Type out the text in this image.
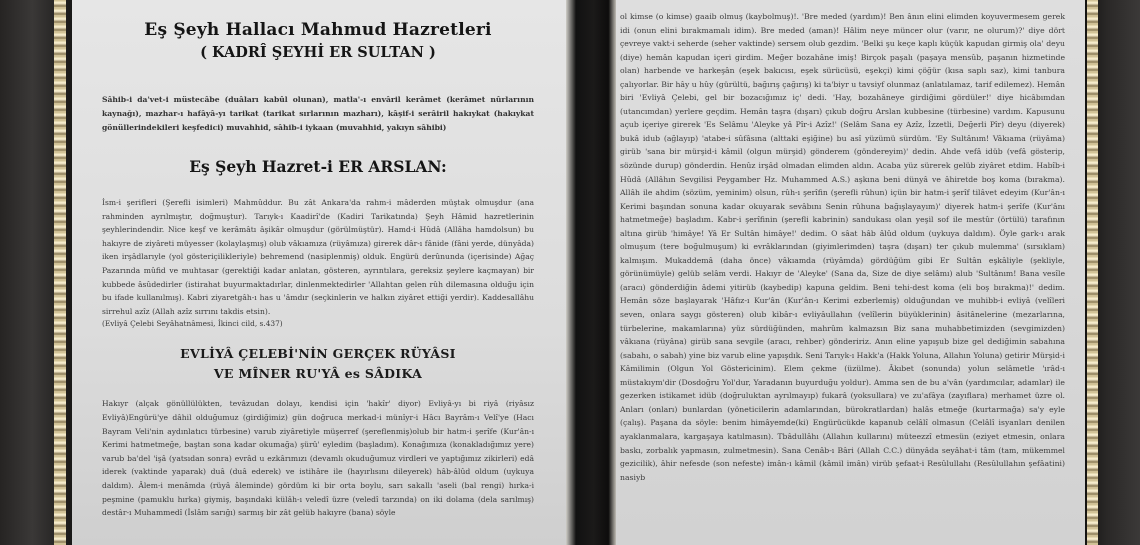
Eş Şeyh Hallacı Mahmud Hazretleri
( KADRÎ ŞEYHİ ER SULTAN )
Sâhib-i da'vet-i müstecâbe (duâları kabûl olunan), matla'-ı envâril kerâmet (kerâmet nûrlarının kaynağı), mazhar-ı hafâyâ-yı tarikat (tarikat sırlarının mazharı), kâşif-i serâiril hakıykat (hakıykat gönüllerindekileri keşfedici) muvahhid, sâhib-i iykaan (muvahhid, yakıyn sâhibi)
Eş Şeyh Hazret-i ER ARSLAN:
İsm-i şerifleri (Şerefli isimleri) Mahmûddur. Bu zât Ankara'da rahm-i mâderden müştak olmuşdur (ana rahminden ayrılmıştır, doğmuştur). Tarıyk-ı Kaadirî'de (Kadiri Tarikatında) Şeyh Hâmid hazretlerinin şeyhlerindendir. Nice keşf ve kerâmâtı âşikâr olmuşdur (görülmüştür). Hamd-i Hûdâ (Allâha hamdolsun) bu hakıyre de ziyâreti müyesser (kolaylaşmış) olub vâkıamıza (rüyâmıza) girerek dâr-ı fânide (fâni yerde, dünyâda) iken irşâdlarıyle (yol gösteriçilikleriyle) behremend (nasiplenmiş) olduk. Engürü derûnunda (içerisinde) Ağaç Pazarında mûfid ve muhtasar (gerektiği kadar anlatan, gösteren, ayrıntılara, gereksiz şeylere kaçmayan) bir kubbede âsûdedirler (istirahat buyurmaktadırlar, dinlenmektedirler 'Allahtan gelen rûh dilemasına olduğu için bu ifade kullanılmış). Kabri ziyaretgâh-ı has u 'âmdır (seçkinlerin ve halkın ziyâret ettiği yerdir). Kaddesallâhu sirrehul azîz (Allah azîz sırrını takdis etsin).
(Evliyâ Çelebi Seyâhatnâmesi, İkinci cild, s.437)
EVLİYÂ ÇELEBİ'NİN GERÇEK RÜYÂSI
VE MÎNER RU'YÂ es SÂDIKA
Hakıyr (alçak gönüllülükten, tevâzudan dolayı, kendisi için 'hakîr' diyor) Evliyâ-yı bi riyâ (riyâsız Evliyâ)Engürü'ye dâhil olduğumuz (girdiğimiz) gün doğruca merkad-i münîyr-i Hâcı Bayrâm-ı Velî'ye (Hacı Bayram Veli'nin aydınlatıcı türbesine) varub ziyâretiyle müşerref (şereflenmiş)olub bir hatm-i şerîfe (Kur'ân-ı Kerimi hatmetmeğe, baştan sona kadar okumağa) şürû' eyledim (başladım). Konağımıza (konakladığımız yere) varub ba'del 'işâ (yatsıdan sonra) evrâd u ezkârımızı (devamlı okuduğumuz virdleri ve yaptığımız zikirleri) edâ iderek (vaktinde yaparak) duâ (duâ ederek) ve istihâre ile (hayırlısını dileyerek) hâb-âlûd oldum (uykuya daldım). Âlem-i menâmda (rüyâ âleminde) gördüm ki bir orta boylu, sarı sakallı 'aseli (bal rengi) hırka-i peşmine (pamuklu hırka) giymiş, başındaki külâh-ı veledî üzre (veledî tarzında) on iki dolama (dela sarılmış) destâr-ı Muhammedî (İslâm sarığı) sarmış bir zât gelüb hakıyre (bana) söyle
ol kimse (o kimse) gaaib olmuş (kaybolmuş)!. 'Bre meded (yardım)! Ben ânın elini elimden koyuvermesem gerek idi (onun elini bırakmamalı idim). Bre meded (aman)! Hâlim neye müncer olur (varır, ne olurum)?' diye dört çevreye vakt-i seherde (seher vaktinde) sersem olub gezdim. 'Belki şu keçe kaplı küçük kapudan girmiş ola' deyu (diye) hemân kapudan içeri girdim. Meğer bozahâne imiş! Birçok paşalı (paşaya mensûb, paşanın hizmetinde olan) harbende ve harkeşân (eşek bakıcısı, eşek sürücüsü, eşekçi) kimi çöğür (kısa saplı saz), kimi tanbura çalıyorlar. Bir hây u hûy (gürültü, bağırış çağırış) ki ta'biyr u tavsiyf olunmaz (anlatılamaz, tarif edilemez). Hemân biri 'Evliyâ Çelebi, gel bir bozacığımız iç' dedi. 'Hay, bozahâneye girdiğimi gördüler!' diye hicâbımdan (utancımdan) yerlere geçdim. Hemân taşra (dışarı) çıkub doğru Arslan kubbesine (türbesine) vardım. Kapusunu açub içeriye girerek 'Es Selâmu 'Aleyke yâ Pîr-i Azîz!' (Selâm Sana ey Azîz, İzzetli, Değerli Pîr) deyu (diyerek) bukâ idub (ağlayıp) 'atabe-i sûfâsına (alttaki eşiğine) bu asî yüzümü sürdüm. 'Ey Sultânım! Vâkıama (rüyâma) girüb 'sana bir mürşid-i kâmil (olgun mürşid) gönderem (göndereyim)' dedin. Ahde vefâ idüb (vefâ gösterip, sözünde durup) gönderdin. Henûz irşâd olmadan elimden aldın. Acaba yüz sürerek gelüb ziyâret etdim. Habîb-i Hûdâ (Allâhın Sevgilisi Peygamber Hz. Muhammed A.S.) aşkına beni dünyâ ve âhiretde boş koma (bırakma). Allâh ile ahdim (sözüm, yeminim) olsun, rûh-ı şerîfin (şerefli rûhun) içün bir hatm-i şerîf tilâvet edeyim (Kur'ân-ı Kerimi başından sonuna kadar okuyarak sevâbını Senin rûhuna bağışlayayım)' diyerek hatm-i şerîfe (Kur'ânı hatmetmeğe) başladım. Kabr-i şerîfinin (şerefli kabrinin) sandukası olan yeşil sof ile mestûr (örtülü) tarafının altına girüb 'himâye! Yâ Er Sultân himâye!' dedim. O sâat hâb âlûd oldum (uykuya daldım). Öyle gark-ı arak olmuşum (tere boğulmuşum) ki evrâklarından (giyimlerimden) taşra (dışarı) ter çıkub mulemma' (sırsıklam) kalmışım. Mukaddemâ (daha önce) vâkıamda (rüyâmda) gördüğüm gibi Er Sultân eşkâliyle (şekliyle, görünümüyle) gelüb selâm verdi. Hakıyr de 'Aleyke' (Sana da, Size de diye selâmı) alub 'Sultânım! Bana vesîle (aracı) gönderdiğin âdemi yitirüb (kaybedip) kapuna geldim. Beni tehi-dest koma (eli boş bırakma)!' dedim. Hemân söze başlayarak 'Hâfız-ı Kur'ân (Kur'ân-ı Kerimi ezberlemiş) olduğundan ve muhibb-i evliyâ (velîleri seven, onlara saygı gösteren) olub kibâr-ı evliyâullahın (velîlerin büyüklerinin) âsitânelerine (mezarlarına, türbelerine, makamlarına) yüz sürdüğünden, mahrûm kalmazsın Biz sana muhabbetimizden (sevgimizden) vâkıana (rüyâna) girüb sana sevgile (aracı, rehber) göndeririz. Anın eline yapışub bize gel dediğimin sabahına (sabahı, o sabah) yine biz varub eline yapışdık. Seni Tarıyk-ı Hakk'a (Hakk Yoluna, Allahın Yoluna) getirir Mürşid-i Kâmilimin (Olgun Yol Göstericinim). Elem çekme (üzülme). Âkıbet (sonunda) yolun selâmetle 'ırâd-ı müstakıym'dir (Dosdoğru Yol'dur, Yaradanın buyurduğu yoldur). Amma sen de bu a'vân (yardımcılar, adamlar) ile gezerken istikamet idüb (doğruluktan ayrılmayıp) fukarâ (yoksullara) ve zu'afâya (zayıflara) merhamet üzre ol. Anları (onları) bunlardan (yöneticilerin adamlarından, bürokratlardan) halâs etmeğe (kurtarmağa) sa'y eyle (çalış). Paşana da söyle: benim himâyemde(ki) Engürücükde kapanub celâlî olmasun (Celâlî isyanları denilen ayaklanmalara, kargaşaya katılmasın). Tbâdullâhı (Allahın kullarını) müteezzî etmesün (eziyet etmesin, onlara baskı, zorbalık yapmasın, zulmetmesin). Sana Cenâb-ı Bâri (Allah C.C.) dünyâda seyâhat-i tâm (tam, mükemmel gezicilik), âhir nefesde (son nefeste) imân-ı kâmil (kâmil imân) virüb şefaat-i Resûlullahı (Resûlullahın şefâatini) nasiyb
